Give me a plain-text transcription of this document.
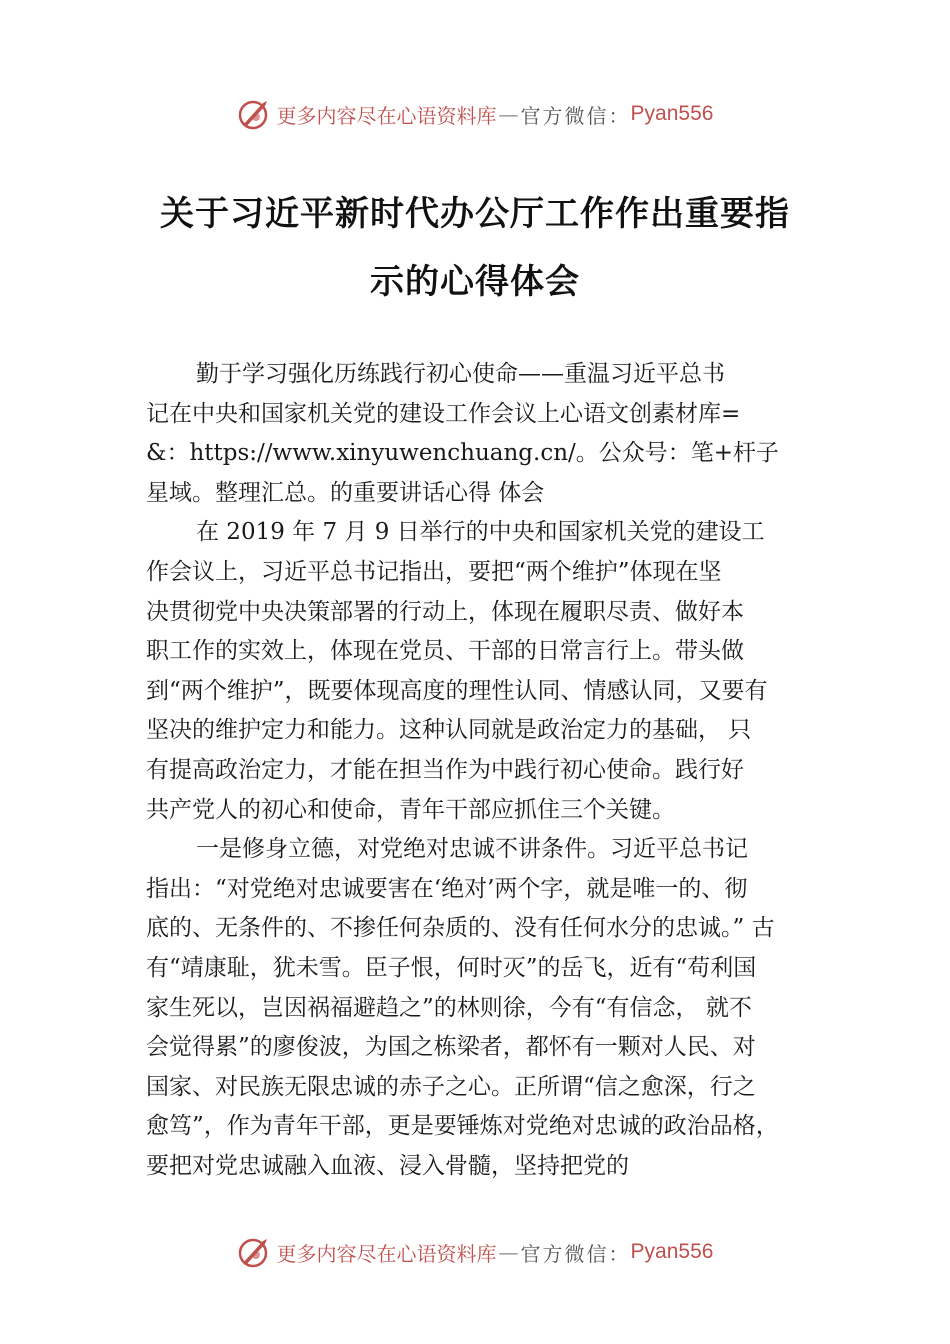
更多内容尽在心语资料库 — 官方微信： Pyan556
关于习近平新时代办公厅工作作出重要指
示的心得体会
勤于学习强化历练践行初心使命——重温习近平总书
记在中央和国家机关党的建设工作会议上心语文创素材库=
&：https://www.xinyuwenchuang.cn/。公众号：笔+杆子
星域。整理汇总。的重要讲话心得 体会
在 2019 年 7 月 9 日举行的中央和国家机关党的建设工
作会议上，习近平总书记指出，要把“两个维护”体现在坚
决贯彻党中央决策部署的行动上，体现在履职尽责、做好本
职工作的实效上，体现在党员、干部的日常言行上。带头做
到“两个维护”，既要体现高度的理性认同、情感认同，又要有
坚决的维护定力和能力。这种认同就是政治定力的基础， 只
有提高政治定力，才能在担当作为中践行初心使命。践行好
共产党人的初心和使命，青年干部应抓住三个关键。
一是修身立德，对党绝对忠诚不讲条件。习近平总书记
指出：“对党绝对忠诚要害在‘绝对’两个字，就是唯一的、彻
底的、无条件的、不掺任何杂质的、没有任何水分的忠诚。” 古
有“靖康耻，犹未雪。臣子恨，何时灭”的岳飞，近有“苟利国
家生死以，岂因祸福避趋之”的林则徐，今有“有信念， 就不
会觉得累”的廖俊波，为国之栋梁者，都怀有一颗对人民、对
国家、对民族无限忠诚的赤子之心。正所谓“信之愈深，行之
愈笃”，作为青年干部，更是要锤炼对党绝对忠诚的政治品格，
要把对党忠诚融入血液、浸入骨髓，坚持把党的
更多内容尽在心语资料库 — 官方微信： Pyan556
